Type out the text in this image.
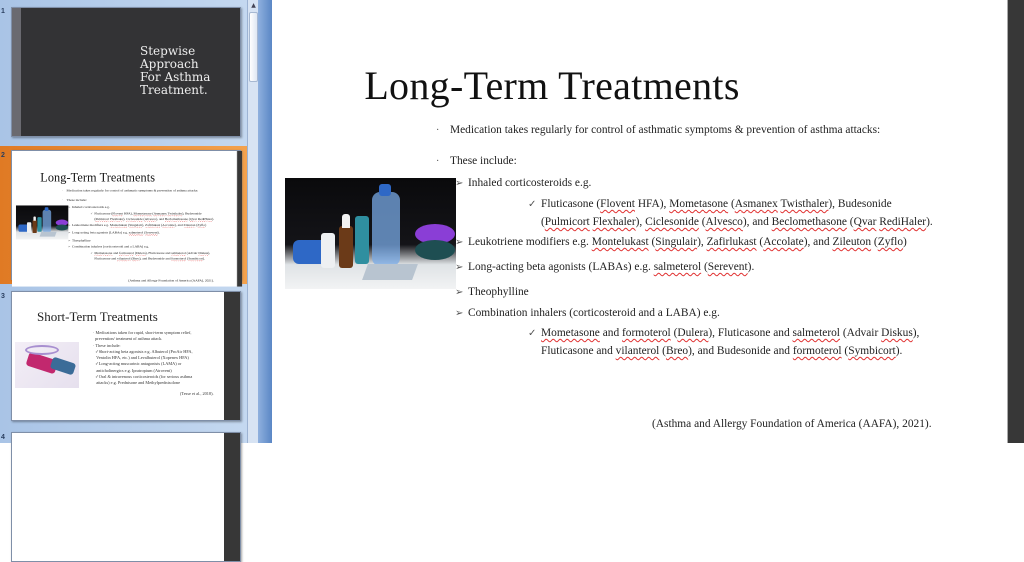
1
Stepwise
Approach
For Asthma
Treatment.
2
Long-Term Treatments
· Medication takes regularly for control of asthmatic symptoms & prevention of asthma attacks:
· These include:
➢ Inhaled corticosteroids e.g.
✓ Fluticasone (Flovent HFA), Mometasone (Asmanex Twisthaler), Budesonide
(Pulmicort Flexhaler), Ciclesonide (Alvesco), and Beclomethasone (Qvar RediHaler).
➢ Leukotriene modifiers e.g. Montelukast (Singulair), Zafirlukast (Accolate), and Zileuton (Zyflo)
➢ Long-acting beta agonists (LABAs) e.g. salmeterol (Serevent).
➢ Theophylline
➢ Combination inhalers (corticosteroid and a LABA) e.g.
✓ Mometasone and formoterol (Dulera), Fluticasone and salmeterol (Advair Diskus),
Fluticasone and vilanterol (Breo), and Budesonide and formoterol (Symbicort).
(Asthma and Allergy Foundation of America (AAFA), 2021).
3
Short-Term Treatments
· Medications taken for rapid, short-term symptom relief,
prevention/ treatment of asthma attack.
· These include:
✓Short-acting beta agonists e.g. Albuterol (ProAir HFA,
Ventolin HFA, etc.) and Levalbuterol (Xopenex HFA)
✓Long-acting muscarinic antagonists (LAMA) or
anticholinergics e.g. Ipratropium (Atrovent)
✓Oral & intravenous corticosteroids (for serious asthma
attacks) e.g. Prednisone and Methylprednisolone
(Tesse et al., 2018).
4
▲
Long-Term Treatments
· Medication takes regularly for control of asthmatic symptoms & prevention of asthma attacks:
· These include:
➢ Inhaled corticosteroids e.g.
✓ Fluticasone (Flovent HFA), Mometasone (Asmanex Twisthaler), Budesonide
(Pulmicort Flexhaler), Ciclesonide (Alvesco), and Beclomethasone (Qvar RediHaler).
➢ Leukotriene modifiers e.g. Montelukast (Singulair), Zafirlukast (Accolate), and Zileuton (Zyflo)
➢ Long-acting beta agonists (LABAs) e.g. salmeterol (Serevent).
➢ Theophylline
➢ Combination inhalers (corticosteroid and a LABA) e.g.
✓ Mometasone and formoterol (Dulera), Fluticasone and salmeterol (Advair Diskus),
Fluticasone and vilanterol (Breo), and Budesonide and formoterol (Symbicort).
(Asthma and Allergy Foundation of America (AAFA), 2021).
